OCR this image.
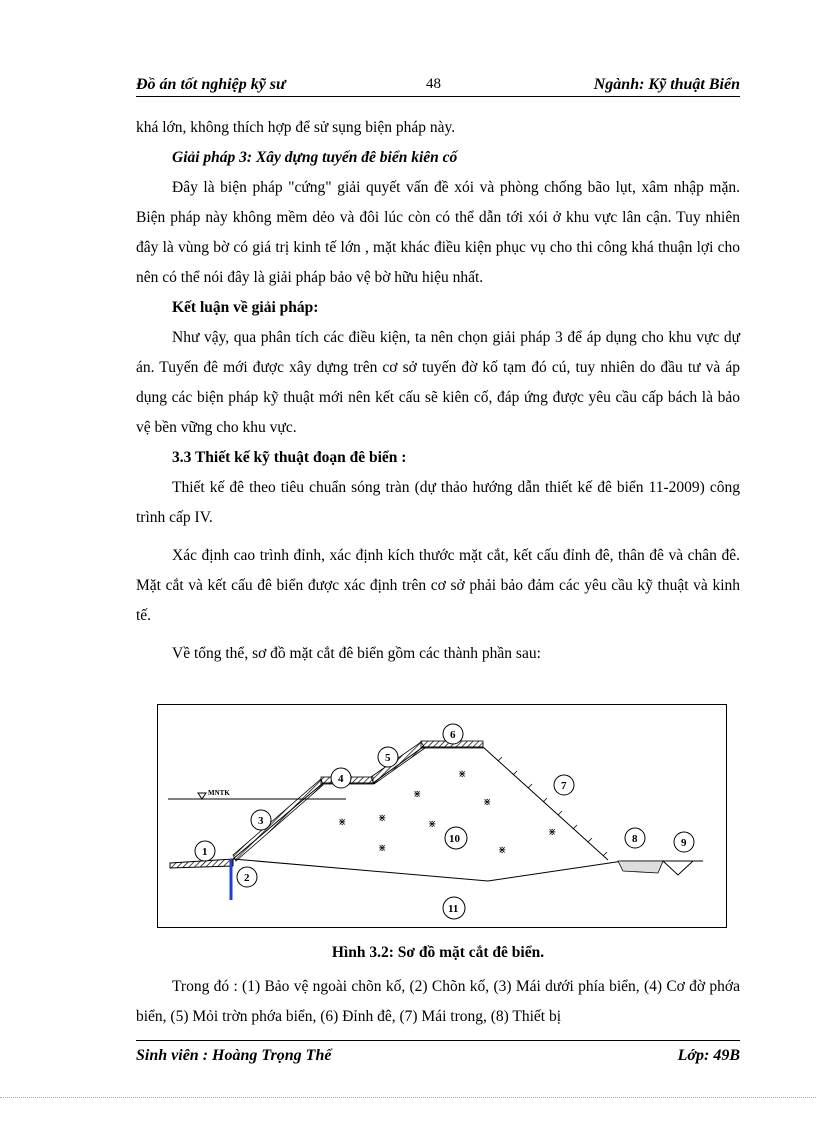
Đồ án tốt nghiệp kỹ sư	48	Ngành: Kỹ thuật Biển

khá lớn, không thích hợp để sử sụng biện pháp này.

Giải pháp 3: Xây dựng tuyến đê biển kiên cố

Đây là biện pháp "cứng" giải quyết vấn đề xói và phòng chống bão lụt, xâm nhập mặn. Biện pháp này không mềm dẻo và đôi lúc còn có thể dẫn tới xói ở khu vực lân cận. Tuy nhiên đây là vùng bờ có giá trị kinh tế lớn , mặt khác điều kiện phục vụ cho thi công khá thuận lợi cho nên có thể nói đây là giải pháp bảo vệ bờ hữu hiệu nhất.

Kết luận về giải pháp:

Như vậy, qua phân tích các điều kiện, ta nên chọn giải pháp 3 để áp dụng cho khu vực dự án. Tuyến đê mới được xây dựng trên cơ sở tuyến đờ kố tạm đó cú, tuy nhiên do đầu tư và áp dụng các biện pháp kỹ thuật mới nên kết cấu sẽ kiên cố, đáp ứng được yêu cầu cấp bách là bảo vệ bền vững cho khu vực.

3.3 Thiết kế kỹ thuật đoạn đê biển :

Thiết kế đê theo tiêu chuẩn sóng tràn (dự thảo hướng dẫn thiết kế đê biển 11-2009) công trình cấp IV.

Xác định cao trình đỉnh, xác định kích thước mặt cắt, kết cấu đỉnh đê, thân đê và chân đê. Mặt cắt và kết cấu đê biển được xác định trên cơ sở phải bảo đảm các yêu cầu kỹ thuật và kinh tế.

Về tổng thể, sơ đồ mặt cắt đê biển gồm các thành phần sau:

MNTK
⋇
⋇	⋇
⋇
⋇
⋇
⋇
⋇
⋇
1
2
3
4
5
6
7
8	9
10
11
Hình 3.2: Sơ đồ mặt cắt đê biển.

Trong đó : (1) Bảo vệ ngoài chõn kố, (2) Chõn kố, (3) Mái dưới phía biển, (4) Cơ đờ phớa biển, (5) Mỏi trờn phớa biển, (6) Đỉnh đê, (7) Mái trong, (8) Thiết bị

Sinh viên : Hoàng Trọng Thể	Lớp: 49B
